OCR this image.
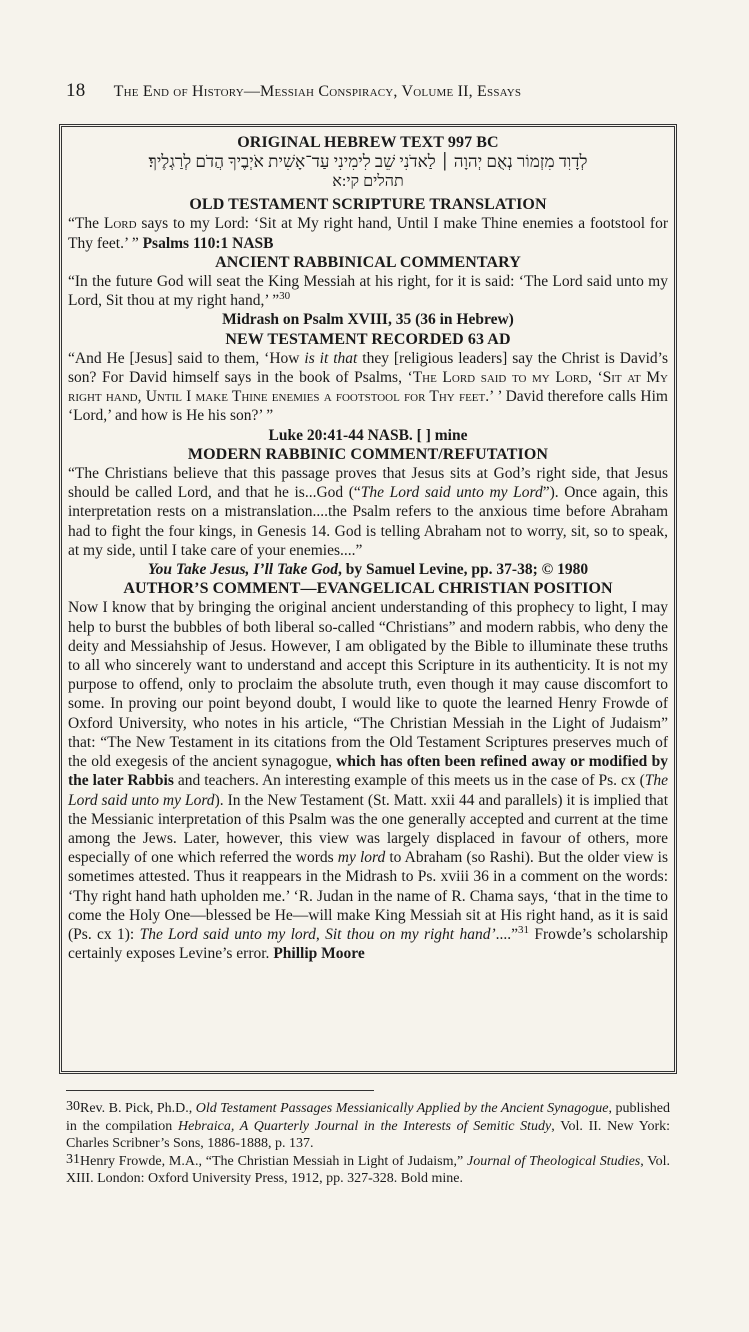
18 The End of History—Messiah Conspiracy, Volume II, Essays
ORIGINAL HEBREW TEXT 997 BC
לְדָוִד מִזְמוֹר נְאֻם יְהוָה ׀ לַאדֹנִי שֵׁב לִימִינִי עַד־אָשִׁית אֹיְבֶיךָ הֲדֹם לְרַגְלֶיךָ׃
תהלים קי:א
OLD TESTAMENT SCRIPTURE TRANSLATION

“The Lord says to my Lord: ‘Sit at My right hand, Until I make Thine enemies a footstool for Thy feet.’ ” Psalms 110:1 NASB

ANCIENT RABBINICAL COMMENTARY

“In the future God will seat the King Messiah at his right, for it is said: ‘The Lord said unto my Lord, Sit thou at my right hand,’ ”$^{30}$

Midrash on Psalm XVIII, 35 (36 in Hebrew)
NEW TESTAMENT RECORDED 63 AD

“And He [Jesus] said to them, ‘How is it that they [religious leaders] say the Christ is David’s son? For David himself says in the book of Psalms, ‘The Lord said to my Lord, ‘Sit at My right hand, Until I make Thine enemies a footstool for Thy feet.’ ’ David therefore calls Him ‘Lord,’ and how is He his son?’ ”

Luke 20:41-44 NASB. [ ] mine
MODERN RABBINIC COMMENT/REFUTATION

“The Christians believe that this passage proves that Jesus sits at God’s right side, that Jesus should be called Lord, and that he is...God (“The Lord said unto my Lord”). Once again, this interpretation rests on a mistranslation....the Psalm refers to the anxious time before Abraham had to fight the four kings, in Genesis 14. God is telling Abraham not to worry, sit, so to speak, at my side, until I take care of your enemies....”

You Take Jesus, I’ll Take God, by Samuel Levine, pp. 37-38; © 1980
AUTHOR’S COMMENT—EVANGELICAL CHRISTIAN POSITION

Now I know that by bringing the original ancient understanding of this prophecy to light, I may help to burst the bubbles of both liberal so-called “Christians” and modern rabbis, who deny the deity and Messiahship of Jesus. However, I am obligated by the Bible to illuminate these truths to all who sincerely want to understand and accept this Scripture in its authenticity. It is not my purpose to offend, only to proclaim the absolute truth, even though it may cause discomfort to some. In proving our point beyond doubt, I would like to quote the learned Henry Frowde of Oxford University, who notes in his article, “The Christian Messiah in the Light of Judaism” that: “The New Testament in its citations from the Old Testament Scriptures preserves much of the old exegesis of the ancient synagogue, which has often been refined away or modified by the later Rabbis and teachers. An interesting example of this meets us in the case of Ps. cx (The Lord said unto my Lord). In the New Testament (St. Matt. xxii 44 and parallels) it is implied that the Messianic interpretation of this Psalm was the one generally accepted and current at the time among the Jews. Later, however, this view was largely displaced in favour of others, more especially of one which referred the words my lord to Abraham (so Rashi). But the older view is sometimes attested. Thus it reappears in the Midrash to Ps. xviii 36 in a comment on the words: ‘Thy right hand hath upholden me.’ ‘R. Judan in the name of R. Chama says, ‘that in the time to come the Holy One—blessed be He—will make King Messiah sit at His right hand, as it is said (Ps. cx 1): The Lord said unto my lord, Sit thou on my right hand’....”$^{31}$ Frowde’s scholarship certainly exposes Levine’s error. Phillip Moore

30Rev. B. Pick, Ph.D., Old Testament Passages Messianically Applied by the Ancient Synagogue, published in the compilation Hebraica, A Quarterly Journal in the Interests of Semitic Study, Vol. II. New York: Charles Scribner’s Sons, 1886-1888, p. 137.

31Henry Frowde, M.A., “The Christian Messiah in Light of Judaism,” Journal of Theological Studies, Vol. XIII. London: Oxford University Press, 1912, pp. 327-328. Bold mine.
